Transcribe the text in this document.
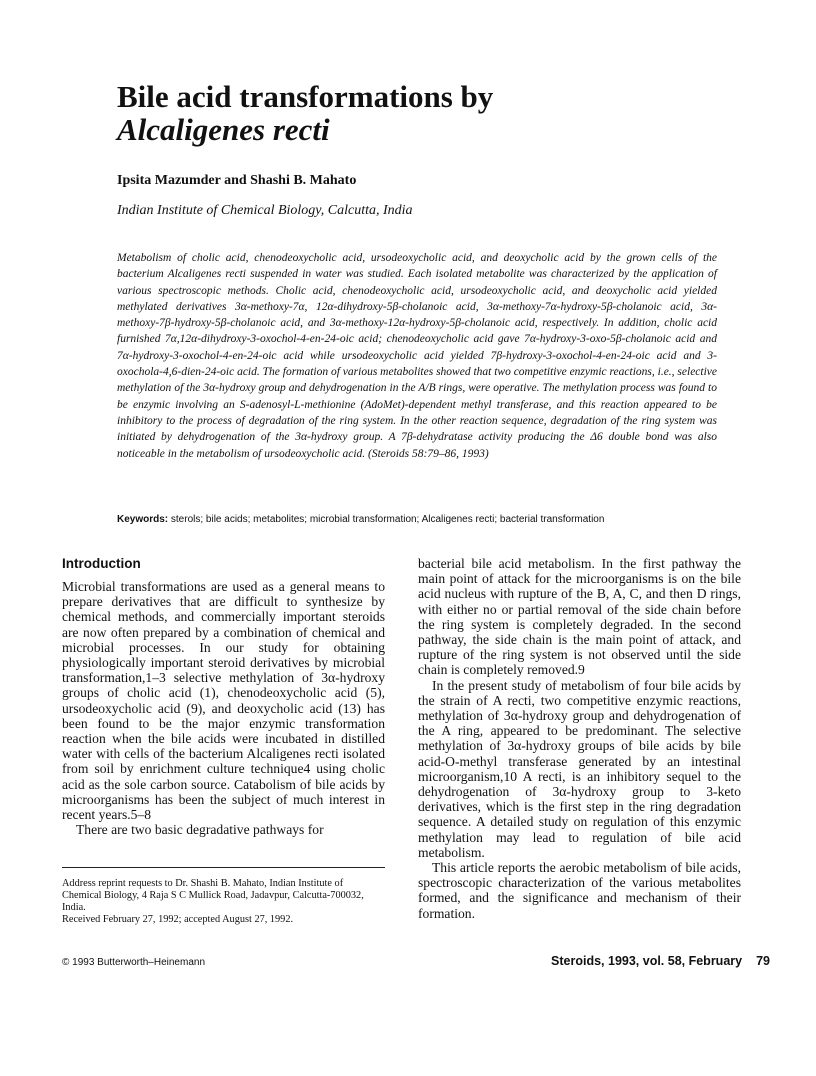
Bile acid transformations by
Alcaligenes recti

Ipsita Mazumder and Shashi B. Mahato

Indian Institute of Chemical Biology, Calcutta, India

Metabolism of cholic acid, chenodeoxycholic acid, ursodeoxycholic acid, and deoxycholic acid by the grown cells of the bacterium Alcaligenes recti suspended in water was studied. Each isolated metabolite was characterized by the application of various spectroscopic methods. Cholic acid, chenodeoxycholic acid, ursodeoxycholic acid, and deoxycholic acid yielded methylated derivatives 3α-methoxy-7α, 12α-dihydroxy-5β-cholanoic acid, 3α-methoxy-7α-hydroxy-5β-cholanoic acid, 3α-methoxy-7β-hydroxy-5β-cholanoic acid, and 3α-methoxy-12α-hydroxy-5β-cholanoic acid, respectively. In addition, cholic acid furnished 7α,12α-dihydroxy-3-oxochol-4-en-24-oic acid; chenodeoxycholic acid gave 7α-hydroxy-3-oxo-5β-cholanoic acid and 7α-hydroxy-3-oxochol-4-en-24-oic acid while ursodeoxycholic acid yielded 7β-hydroxy-3-oxochol-4-en-24-oic acid and 3-oxochola-4,6-dien-24-oic acid. The formation of various metabolites showed that two competitive enzymic reactions, i.e., selective methylation of the 3α-hydroxy group and dehydrogenation in the A/B rings, were operative. The methylation process was found to be enzymic involving an S-adenosyl-L-methionine (AdoMet)-dependent methyl transferase, and this reaction appeared to be inhibitory to the process of degradation of the ring system. In the other reaction sequence, degradation of the ring system was initiated by dehydrogenation of the 3α-hydroxy group. A 7β-dehydratase activity producing the Δ6 double bond was also noticeable in the metabolism of ursodeoxycholic acid. (Steroids 58:79–86, 1993)

Keywords: sterols; bile acids; metabolites; microbial transformation; Alcaligenes recti; bacterial transformation

Introduction

Microbial transformations are used as a general means to prepare derivatives that are difficult to synthesize by chemical methods, and commercially important steroids are now often prepared by a combination of chemical and microbial processes. In our study for obtaining physiologically important steroid derivatives by microbial transformation,1–3 selective methylation of 3α-hydroxy groups of cholic acid (1), chenodeoxycholic acid (5), ursodeoxycholic acid (9), and deoxycholic acid (13) has been found to be the major enzymic transformation reaction when the bile acids were incubated in distilled water with cells of the bacterium Alcaligenes recti isolated from soil by enrichment culture technique4 using cholic acid as the sole carbon source. Catabolism of bile acids by microorganisms has been the subject of much interest in recent years.5–8

There are two basic degradative pathways for

Address reprint requests to Dr. Shashi B. Mahato, Indian Institute of Chemical Biology, 4 Raja S C Mullick Road, Jadavpur, Calcutta-700032, India.

Received February 27, 1992; accepted August 27, 1992.

bacterial bile acid metabolism. In the first pathway the main point of attack for the microorganisms is on the bile acid nucleus with rupture of the B, A, C, and then D rings, with either no or partial removal of the side chain before the ring system is completely degraded. In the second pathway, the side chain is the main point of attack, and rupture of the ring system is not observed until the side chain is completely removed.9

In the present study of metabolism of four bile acids by the strain of A recti, two competitive enzymic reactions, methylation of 3α-hydroxy group and dehydrogenation of the A ring, appeared to be predominant. The selective methylation of 3α-hydroxy groups of bile acids by bile acid-O-methyl transferase generated by an intestinal microorganism,10 A recti, is an inhibitory sequel to the dehydrogenation of 3α-hydroxy group to 3-keto derivatives, which is the first step in the ring degradation sequence. A detailed study on regulation of this enzymic methylation may lead to regulation of bile acid metabolism.

This article reports the aerobic metabolism of bile acids, spectroscopic characterization of the various metabolites formed, and the significance and mechanism of their formation.

© 1993 Butterworth–Heinemann	Steroids, 1993, vol. 58, February 79
